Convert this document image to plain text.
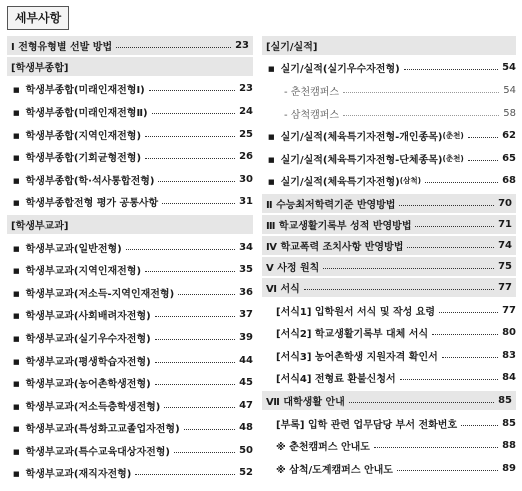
세부사항
Ⅰ 전형유형별 선발 방법	23
[학생부종합]
■ 학생부종합(미래인재전형Ⅰ)	23
■ 학생부종합(미래인재전형Ⅱ)	24
■ 학생부종합(지역인재전형)	25
■ 학생부종합(기회균형전형)	26
■ 학생부종합(학·석사통합전형)	30
■ 학생부종합전형 평가 공통사항	31
[학생부교과]
■ 학생부교과(일반전형)	34
■ 학생부교과(지역인재전형)	35
■ 학생부교과(저소득-지역인재전형)	36
■ 학생부교과(사회배려자전형)	37
■ 학생부교과(실기우수자전형)	39
■ 학생부교과(평생학습자전형)	44
■ 학생부교과(농어촌학생전형)	45
■ 학생부교과(저소득층학생전형)	47
■ 학생부교과(특성화고교졸업자전형)	48
■ 학생부교과(특수교육대상자전형)	50
■ 학생부교과(재직자전형)	52
[실기/실적]
■ 실기/실적(실기우수자전형)	54
- 춘천캠퍼스	54
- 삼척캠퍼스	58
■ 실기/실적(체육특기자전형-개인종목) (춘천)	62
■ 실기/실적(체육특기자전형-단체종목) (춘천)	65
■ 실기/실적(체육특기자전형) (삼척)	68
Ⅱ 수능최저학력기준 반영방법	70
Ⅲ 학교생활기록부 성적 반영방법	71
Ⅳ 학교폭력 조치사항 반영방법	74
Ⅴ 사정 원칙	75
Ⅵ 서식	77
[서식1] 입학원서 서식 및 작성 요령	77
[서식2] 학교생활기록부 대체 서식	80
[서식3] 농어촌학생 지원자격 확인서	83
[서식4] 전형료 환불신청서	84
Ⅶ 대학생활 안내	85
[부록] 입학 관련 업무담당 부서 전화번호	85
※ 춘천캠퍼스 안내도	88
※ 삼척/도계캠퍼스 안내도	89
